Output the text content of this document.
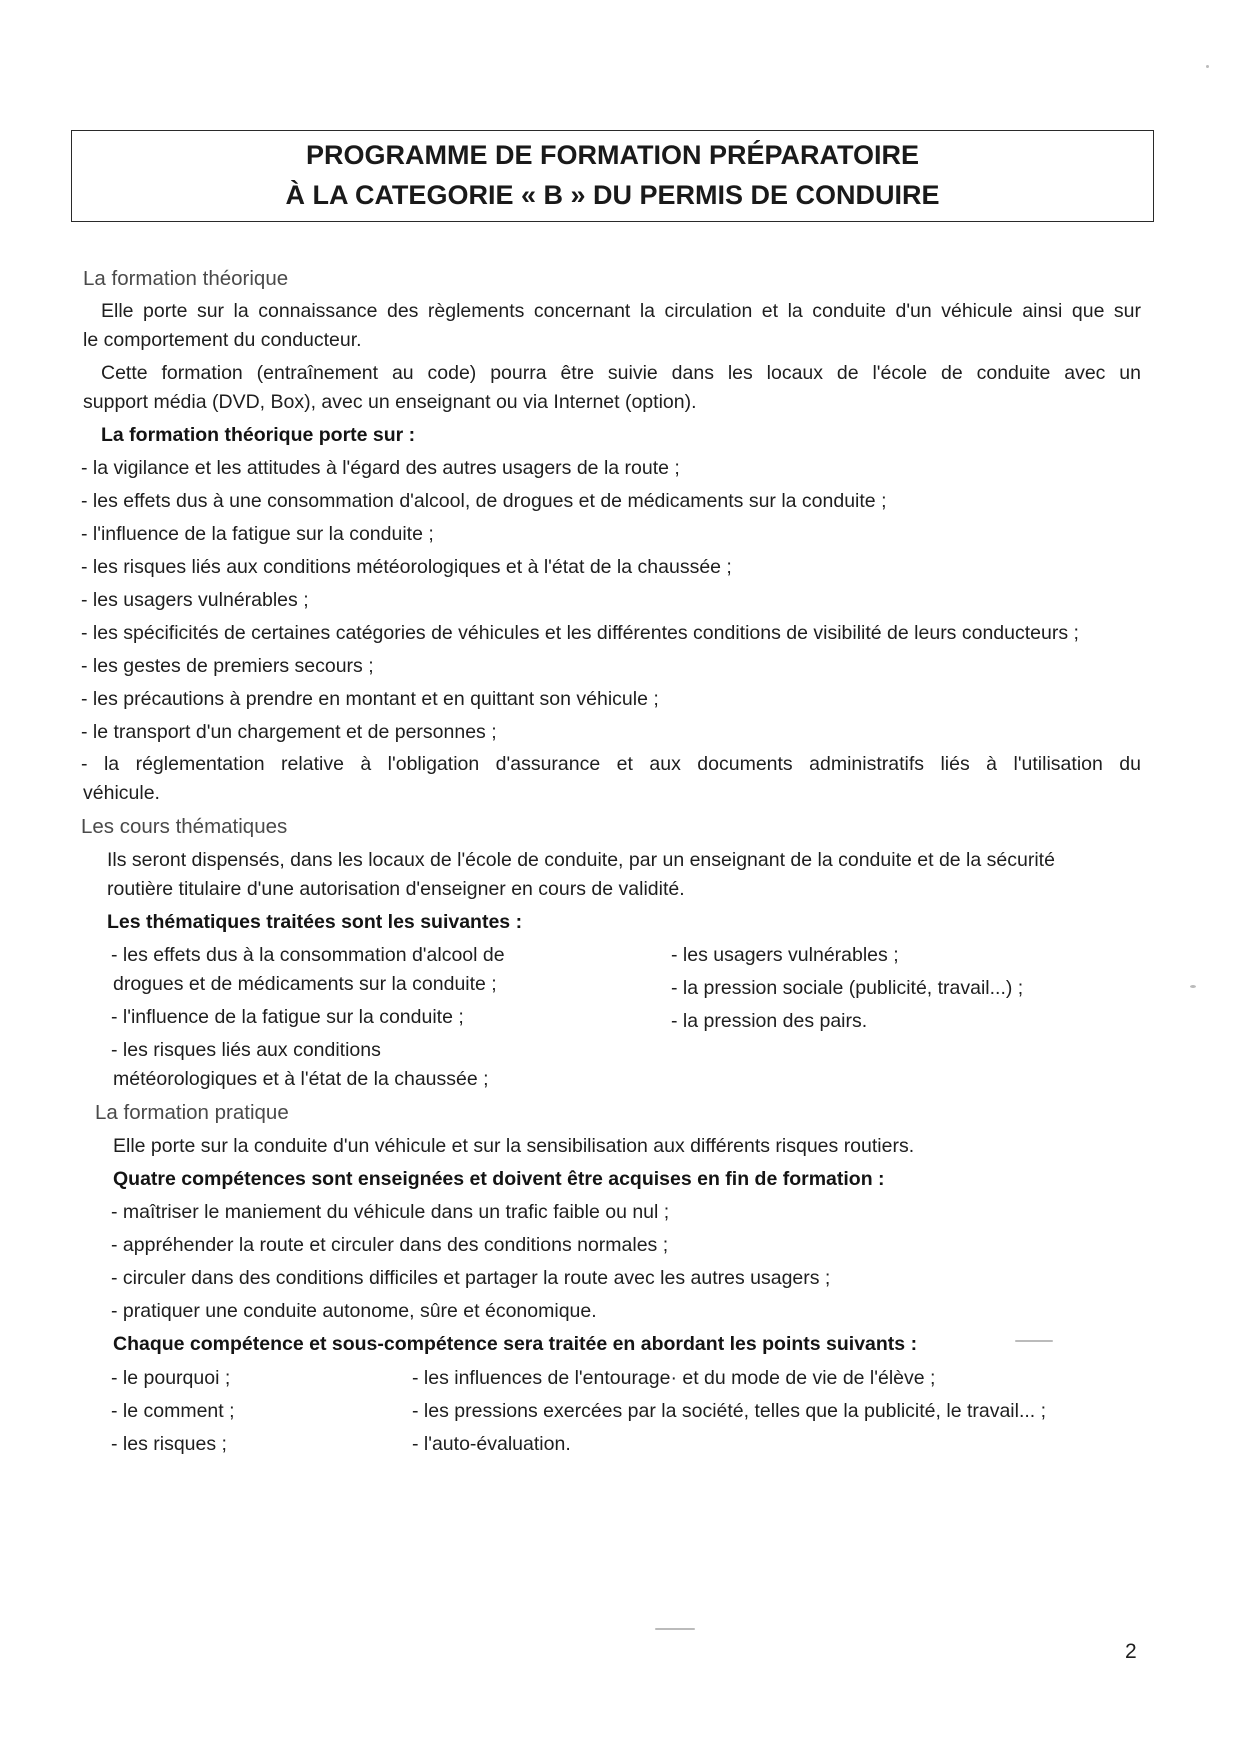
PROGRAMME DE FORMATION PRÉPARATOIRE
À LA CATEGORIE « B » DU PERMIS DE CONDUIRE
La formation théorique
Elle porte sur la connaissance des règlements concernant la circulation et la conduite d'un véhicule ainsi que sur
le comportement du conducteur.
Cette formation (entraînement au code) pourra être suivie dans les locaux de l'école de conduite avec un
support média (DVD, Box), avec un enseignant ou via Internet (option).
La formation théorique porte sur :
- la vigilance et les attitudes à l'égard des autres usagers de la route ;
- les effets dus à une consommation d'alcool, de drogues et de médicaments sur la conduite ;
- l'influence de la fatigue sur la conduite ;
- les risques liés aux conditions météorologiques et à l'état de la chaussée ;
- les usagers vulnérables ;
- les spécificités de certaines catégories de véhicules et les différentes conditions de visibilité de leurs conducteurs ;
- les gestes de premiers secours ;
- les précautions à prendre en montant et en quittant son véhicule ;
- le transport d'un chargement et de personnes ;
- la réglementation relative à l'obligation d'assurance et aux documents administratifs liés à l'utilisation du
véhicule.
Les cours thématiques
Ils seront dispensés, dans les locaux de l'école de conduite, par un enseignant de la conduite et de la sécurité
routière titulaire d'une autorisation d'enseigner en cours de validité.
Les thématiques traitées sont les suivantes :
- les effets dus à la consommation d'alcool de
drogues et de médicaments sur la conduite ;
- l'influence de la fatigue sur la conduite ;
- les risques liés aux conditions
météorologiques et à l'état de la chaussée ;
- les usagers vulnérables ;
- la pression sociale (publicité, travail...) ;
- la pression des pairs.
La formation pratique
Elle porte sur la conduite d'un véhicule et sur la sensibilisation aux différents risques routiers.
Quatre compétences sont enseignées et doivent être acquises en fin de formation :
- maîtriser le maniement du véhicule dans un trafic faible ou nul ;
- appréhender la route et circuler dans des conditions normales ;
- circuler dans des conditions difficiles et partager la route avec les autres usagers ;
- pratiquer une conduite autonome, sûre et économique.
Chaque compétence et sous-compétence sera traitée en abordant les points suivants :
- le pourquoi ;
- le comment ;
- les risques ;
- les influences de l'entourage· et du mode de vie de l'élève ;
- les pressions exercées par la société, telles que la publicité, le travail... ;
- l'auto-évaluation.
2
